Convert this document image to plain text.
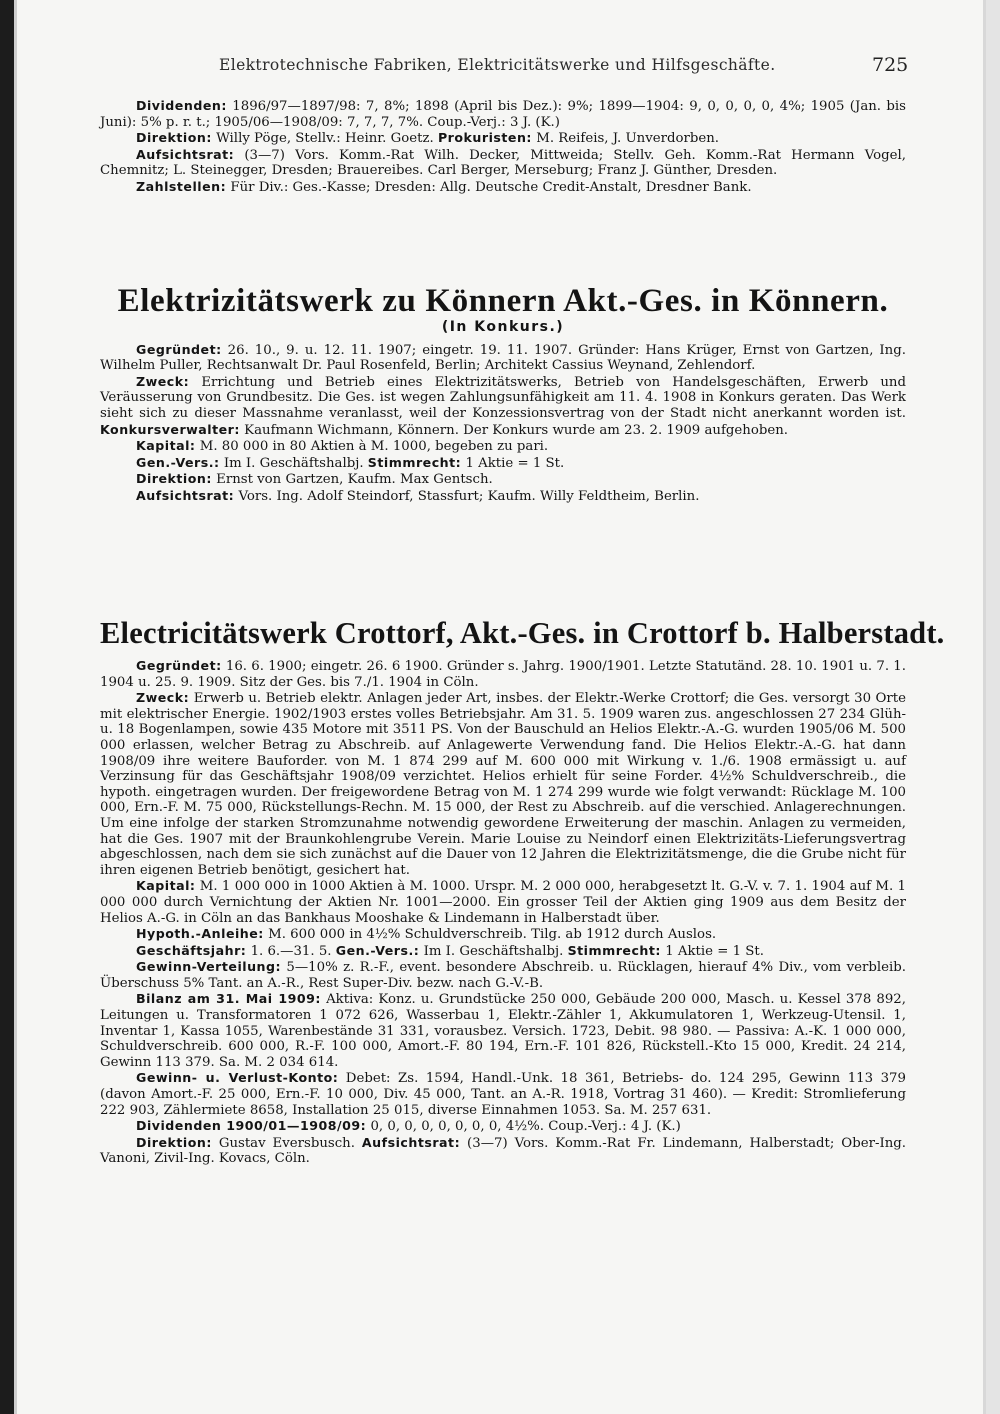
Elektrotechnische Fabriken, Elektricitätswerke und Hilfsgeschäfte.	725

Dividenden: 1896/97—1897/98: 7, 8%; 1898 (April bis Dez.): 9%; 1899—1904: 9, 0, 0, 0, 0, 4%; 1905 (Jan. bis Juni): 5% p. r. t.; 1905/06—1908/09: 7, 7, 7, 7%. Coup.-Verj.: 3 J. (K.)

Direktion: Willy Pöge, Stellv.: Heinr. Goetz. Prokuristen: M. Reifeis, J. Unverdorben.

Aufsichtsrat: (3—7) Vors. Komm.-Rat Wilh. Decker, Mittweida; Stellv. Geh. Komm.-Rat Hermann Vogel, Chemnitz; L. Steinegger, Dresden; Brauereibes. Carl Berger, Merseburg; Franz J. Günther, Dresden.

Zahlstellen: Für Div.: Ges.-Kasse; Dresden: Allg. Deutsche Credit-Anstalt, Dresdner Bank.

Elektrizitätswerk zu Könnern Akt.-Ges. in Könnern.
(In Konkurs.)

Gegründet: 26. 10., 9. u. 12. 11. 1907; eingetr. 19. 11. 1907. Gründer: Hans Krüger, Ernst von Gartzen, Ing. Wilhelm Puller, Rechtsanwalt Dr. Paul Rosenfeld, Berlin; Architekt Cassius Weynand, Zehlendorf.

Zweck: Errichtung und Betrieb eines Elektrizitätswerks, Betrieb von Handelsgeschäften, Erwerb und Veräusserung von Grundbesitz. Die Ges. ist wegen Zahlungsunfähigkeit am 11. 4. 1908 in Konkurs geraten. Das Werk sieht sich zu dieser Massnahme veranlasst, weil der Konzessionsvertrag von der Stadt nicht anerkannt worden ist. Konkursverwalter: Kaufmann Wichmann, Könnern. Der Konkurs wurde am 23. 2. 1909 aufgehoben.

Kapital: M. 80 000 in 80 Aktien à M. 1000, begeben zu pari.

Gen.-Vers.: Im I. Geschäftshalbj. Stimmrecht: 1 Aktie = 1 St.

Direktion: Ernst von Gartzen, Kaufm. Max Gentsch.

Aufsichtsrat: Vors. Ing. Adolf Steindorf, Stassfurt; Kaufm. Willy Feldtheim, Berlin.

Electricitätswerk Crottorf, Akt.-Ges. in Crottorf b. Halberstadt.

Gegründet: 16. 6. 1900; eingetr. 26. 6 1900. Gründer s. Jahrg. 1900/1901. Letzte Statutänd. 28. 10. 1901 u. 7. 1. 1904 u. 25. 9. 1909. Sitz der Ges. bis 7./1. 1904 in Cöln.

Zweck: Erwerb u. Betrieb elektr. Anlagen jeder Art, insbes. der Elektr.-Werke Crottorf; die Ges. versorgt 30 Orte mit elektrischer Energie. 1902/1903 erstes volles Betriebsjahr. Am 31. 5. 1909 waren zus. angeschlossen 27 234 Glüh- u. 18 Bogenlampen, sowie 435 Motore mit 3511 PS. Von der Bauschuld an Helios Elektr.-A.-G. wurden 1905/06 M. 500 000 erlassen, welcher Betrag zu Abschreib. auf Anlagewerte Verwendung fand. Die Helios Elektr.-A.-G. hat dann 1908/09 ihre weitere Bauforder. von M. 1 874 299 auf M. 600 000 mit Wirkung v. 1./6. 1908 ermässigt u. auf Verzinsung für das Geschäftsjahr 1908/09 verzichtet. Helios erhielt für seine Forder. 4½% Schuldverschreib., die hypoth. eingetragen wurden. Der freigewordene Betrag von M. 1 274 299 wurde wie folgt verwandt: Rücklage M. 100 000, Ern.-F. M. 75 000, Rückstellungs-Rechn. M. 15 000, der Rest zu Abschreib. auf die verschied. Anlagerechnungen. Um eine infolge der starken Stromzunahme notwendig gewordene Erweiterung der maschin. Anlagen zu vermeiden, hat die Ges. 1907 mit der Braunkohlengrube Verein. Marie Louise zu Neindorf einen Elektrizitäts-Lieferungsvertrag abgeschlossen, nach dem sie sich zunächst auf die Dauer von 12 Jahren die Elektrizitätsmenge, die die Grube nicht für ihren eigenen Betrieb benötigt, gesichert hat.

Kapital: M. 1 000 000 in 1000 Aktien à M. 1000. Urspr. M. 2 000 000, herabgesetzt lt. G.-V. v. 7. 1. 1904 auf M. 1 000 000 durch Vernichtung der Aktien Nr. 1001—2000. Ein grosser Teil der Aktien ging 1909 aus dem Besitz der Helios A.-G. in Cöln an das Bankhaus Mooshake & Lindemann in Halberstadt über.

Hypoth.-Anleihe: M. 600 000 in 4½% Schuldverschreib. Tilg. ab 1912 durch Auslos.

Geschäftsjahr: 1. 6.—31. 5. Gen.-Vers.: Im I. Geschäftshalbj. Stimmrecht: 1 Aktie = 1 St.

Gewinn-Verteilung: 5—10% z. R.-F., event. besondere Abschreib. u. Rücklagen, hierauf 4% Div., vom verbleib. Überschuss 5% Tant. an A.-R., Rest Super-Div. bezw. nach G.-V.-B.

Bilanz am 31. Mai 1909: Aktiva: Konz. u. Grundstücke 250 000, Gebäude 200 000, Masch. u. Kessel 378 892, Leitungen u. Transformatoren 1 072 626, Wasserbau 1, Elektr.-Zähler 1, Akkumulatoren 1, Werkzeug-Utensil. 1, Inventar 1, Kassa 1055, Warenbestände 31 331, vorausbez. Versich. 1723, Debit. 98 980. — Passiva: A.-K. 1 000 000, Schuldverschreib. 600 000, R.-F. 100 000, Amort.-F. 80 194, Ern.-F. 101 826, Rückstell.-Kto 15 000, Kredit. 24 214, Gewinn 113 379. Sa. M. 2 034 614.

Gewinn- u. Verlust-Konto: Debet: Zs. 1594, Handl.-Unk. 18 361, Betriebs- do. 124 295, Gewinn 113 379 (davon Amort.-F. 25 000, Ern.-F. 10 000, Div. 45 000, Tant. an A.-R. 1918, Vortrag 31 460). — Kredit: Stromlieferung 222 903, Zählermiete 8658, Installation 25 015, diverse Einnahmen 1053. Sa. M. 257 631.

Dividenden 1900/01—1908/09: 0, 0, 0, 0, 0, 0, 0, 0, 4½%. Coup.-Verj.: 4 J. (K.)

Direktion: Gustav Eversbusch. Aufsichtsrat: (3—7) Vors. Komm.-Rat Fr. Lindemann, Halberstadt; Ober-Ing. Vanoni, Zivil-Ing. Kovacs, Cöln.
